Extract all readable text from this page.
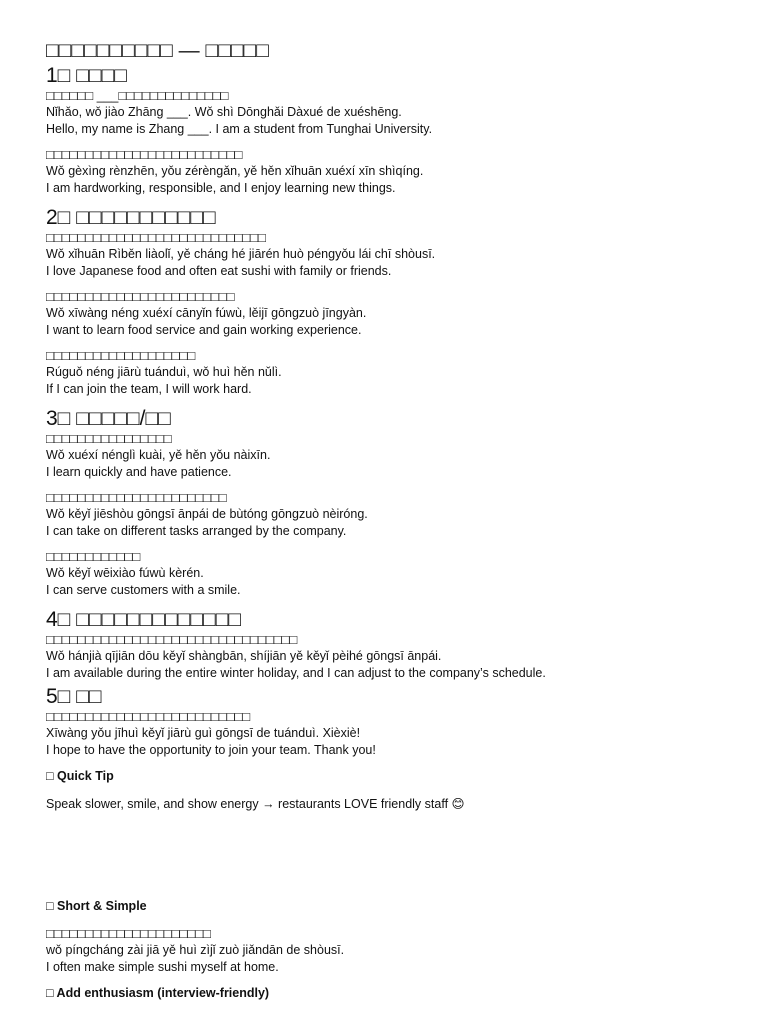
□□□□□□□□□□ — □□□□□
1□ □□□□
□□□□□□ ___□□□□□□□□□□□□□□
Nǐhǎo, wǒ jiào Zhāng ___. Wǒ shì Dōnghǎi Dàxué de xuéshēng.
Hello, my name is Zhang ___. I am a student from Tunghai University.
□□□□□□□□□□□□□□□□□□□□□□□□□
Wǒ gèxìng rènzhēn, yǒu zérèngǎn, yě hěn xǐhuān xuéxí xīn shìqíng.
I am hardworking, responsible, and I enjoy learning new things.
2□ □□□□□□□□□□□
□□□□□□□□□□□□□□□□□□□□□□□□□□□□
Wǒ xǐhuān Rìběn liàolǐ, yě cháng hé jiārén huò péngyǒu lái chī shòusī.
I love Japanese food and often eat sushi with family or friends.
□□□□□□□□□□□□□□□□□□□□□□□□
Wǒ xīwàng néng xuéxí cānyǐn fúwù, lěijī gōngzuò jīngyàn.
I want to learn food service and gain working experience.
□□□□□□□□□□□□□□□□□□□
Rúguǒ néng jiārù tuánduì, wǒ huì hěn nǔlì.
If I can join the team, I will work hard.
3□ □□□□□/□□
□□□□□□□□□□□□□□□□
Wǒ xuéxí nénglì kuài, yě hěn yǒu nàixīn.
I learn quickly and have patience.
□□□□□□□□□□□□□□□□□□□□□□□
Wǒ kěyǐ jiēshòu gōngsī ānpái de bùtóng gōngzuò nèiróng.
I can take on different tasks arranged by the company.
□□□□□□□□□□□□
Wǒ kěyǐ wēixiào fúwù kèrén.
I can serve customers with a smile.
4□ □□□□□□□□□□□□□
□□□□□□□□□□□□□□□□□□□□□□□□□□□□□□□□
Wǒ hánjià qījiān dōu kěyǐ shàngbān, shíjiān yě kěyǐ pèihé gōngsī ānpái.
I am available during the entire winter holiday, and I can adjust to the company’s schedule.
5□ □□
□□□□□□□□□□□□□□□□□□□□□□□□□□
Xīwàng yǒu jīhuì kěyǐ jiārù guì gōngsī de tuánduì. Xièxiè!
I hope to have the opportunity to join your team. Thank you!
□ Quick Tip
Speak slower, smile, and show energy → restaurants LOVE friendly staff 😊
□ Short & Simple
□□□□□□□□□□□□□□□□□□□□□
wǒ píngcháng zài jiā yě huì zìjǐ zuò jiǎndān de shòusī.
I often make simple sushi myself at home.
□ Add enthusiasm (interview-friendly)
